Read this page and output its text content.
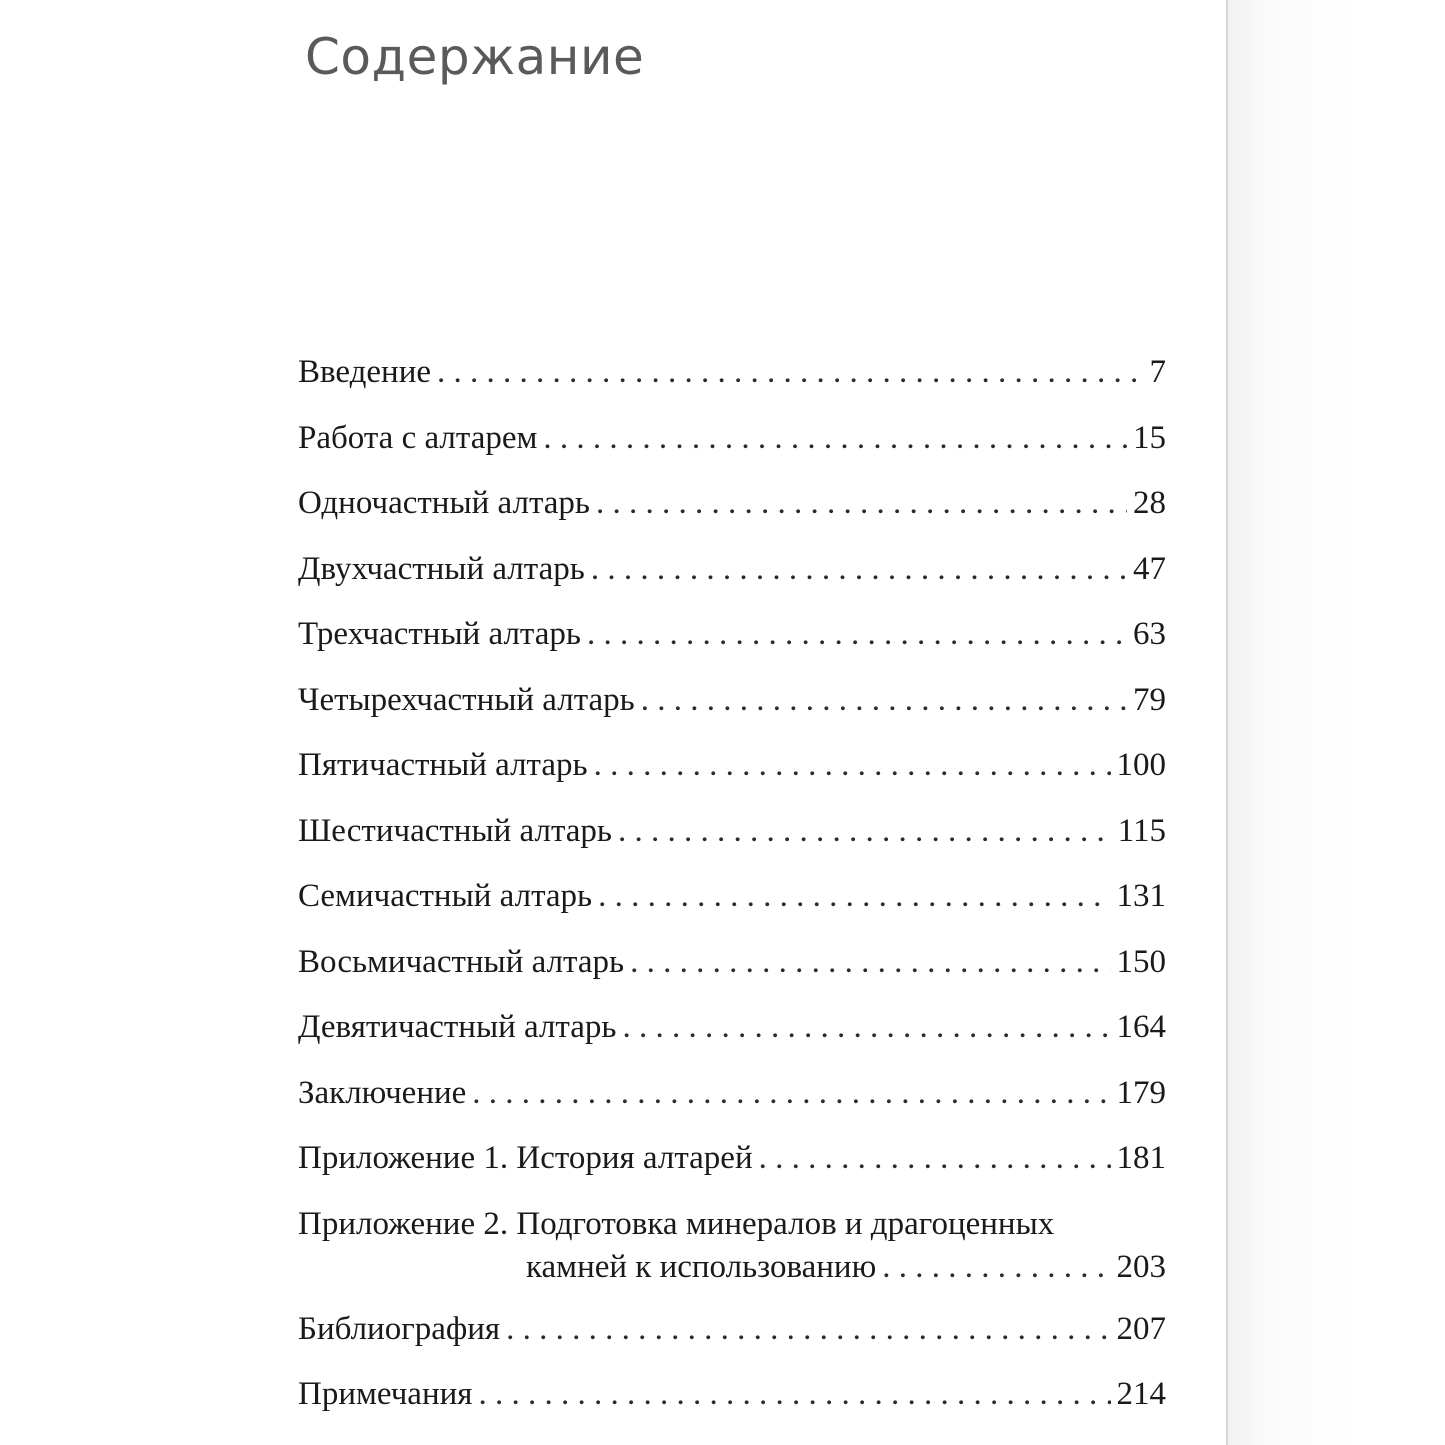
Содержание
Введение . . .	7
Работа с алтарем . . .	15
Одночастный алтарь . . .	28
Двухчастный алтарь . . .	47
Трехчастный алтарь . . .	63
Четырехчастный алтарь . . .	79
Пятичастный алтарь . . .	100
Шестичастный алтарь . . .	115
Семичастный алтарь . . .	131
Восьмичастный алтарь . . .	150
Девятичастный алтарь . . .	164
Заключение . . .	179
Приложение 1. История алтарей . . .	181
Приложение 2. Подготовка минералов и драгоценных
камней к использованию . . .	203
Библиография . . .	207
Примечания . . .	214
